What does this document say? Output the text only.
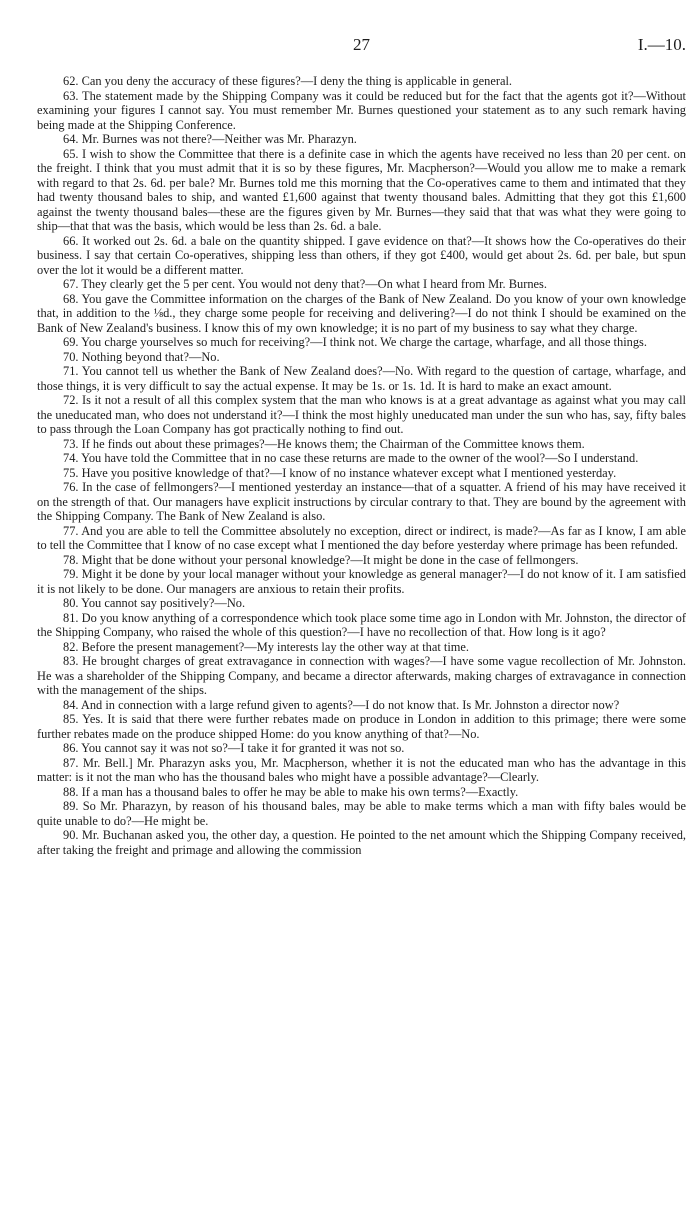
27	I.—10.

62. Can you deny the accuracy of these figures?—I deny the thing is applicable in general.

63. The statement made by the Shipping Company was it could be reduced but for the fact that the agents got it?—Without examining your figures I cannot say. You must remember Mr. Burnes questioned your statement as to any such remark having being made at the Shipping Conference.

64. Mr. Burnes was not there?—Neither was Mr. Pharazyn.

65. I wish to show the Committee that there is a definite case in which the agents have received no less than 20 per cent. on the freight. I think that you must admit that it is so by these figures, Mr. Macpherson?—Would you allow me to make a remark with regard to that 2s. 6d. per bale? Mr. Burnes told me this morning that the Co-operatives came to them and intimated that they had twenty thousand bales to ship, and wanted £1,600 against that twenty thousand bales. Admitting that they got this £1,600 against the twenty thousand bales—these are the figures given by Mr. Burnes—they said that that was what they were going to ship—that that was the basis, which would be less than 2s. 6d. a bale.

66. It worked out 2s. 6d. a bale on the quantity shipped. I gave evidence on that?—It shows how the Co-operatives do their business. I say that certain Co-operatives, shipping less than others, if they got £400, would get about 2s. 6d. per bale, but spun over the lot it would be a different matter.

67. They clearly get the 5 per cent. You would not deny that?—On what I heard from Mr. Burnes.

68. You gave the Committee information on the charges of the Bank of New Zealand. Do you know of your own knowledge that, in addition to the ⅛d., they charge some people for receiving and delivering?—I do not think I should be examined on the Bank of New Zealand's business. I know this of my own knowledge; it is no part of my business to say what they charge.

69. You charge yourselves so much for receiving?—I think not. We charge the cartage, wharfage, and all those things.

70. Nothing beyond that?—No.

71. You cannot tell us whether the Bank of New Zealand does?—No. With regard to the question of cartage, wharfage, and those things, it is very difficult to say the actual expense. It may be 1s. or 1s. 1d. It is hard to make an exact amount.

72. Is it not a result of all this complex system that the man who knows is at a great advantage as against what you may call the uneducated man, who does not understand it?—I think the most highly uneducated man under the sun who has, say, fifty bales to pass through the Loan Company has got practically nothing to find out.

73. If he finds out about these primages?—He knows them; the Chairman of the Committee knows them.

74. You have told the Committee that in no case these returns are made to the owner of the wool?—So I understand.

75. Have you positive knowledge of that?—I know of no instance whatever except what I mentioned yesterday.

76. In the case of fellmongers?—I mentioned yesterday an instance—that of a squatter. A friend of his may have received it on the strength of that. Our managers have explicit instructions by circular contrary to that. They are bound by the agreement with the Shipping Company. The Bank of New Zealand is also.

77. And you are able to tell the Committee absolutely no exception, direct or indirect, is made?—As far as I know, I am able to tell the Committee that I know of no case except what I mentioned the day before yesterday where primage has been refunded.

78. Might that be done without your personal knowledge?—It might be done in the case of fellmongers.

79. Might it be done by your local manager without your knowledge as general manager?—I do not know of it. I am satisfied it is not likely to be done. Our managers are anxious to retain their profits.

80. You cannot say positively?—No.

81. Do you know anything of a correspondence which took place some time ago in London with Mr. Johnston, the director of the Shipping Company, who raised the whole of this question?—I have no recollection of that. How long is it ago?

82. Before the present management?—My interests lay the other way at that time.

83. He brought charges of great extravagance in connection with wages?—I have some vague recollection of Mr. Johnston. He was a shareholder of the Shipping Company, and became a director afterwards, making charges of extravagance in connection with the management of the ships.

84. And in connection with a large refund given to agents?—I do not know that. Is Mr. Johnston a director now?

85. Yes. It is said that there were further rebates made on produce in London in addition to this primage; there were some further rebates made on the produce shipped Home: do you know anything of that?—No.

86. You cannot say it was not so?—I take it for granted it was not so.

87. Mr. Bell.] Mr. Pharazyn asks you, Mr. Macpherson, whether it is not the educated man who has the advantage in this matter: is it not the man who has the thousand bales who might have a possible advantage?—Clearly.

88. If a man has a thousand bales to offer he may be able to make his own terms?—Exactly.

89. So Mr. Pharazyn, by reason of his thousand bales, may be able to make terms which a man with fifty bales would be quite unable to do?—He might be.

90. Mr. Buchanan asked you, the other day, a question. He pointed to the net amount which the Shipping Company received, after taking the freight and primage and allowing the commission
